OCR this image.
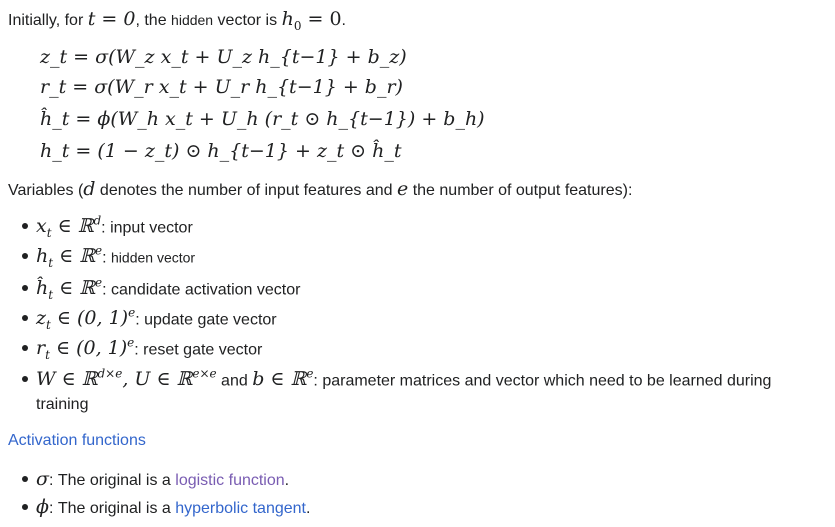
Initially, for t = 0, the hidden vector is $h_0 = 0$.
z_t = σ(W_z x_t + U_z h_{t−1} + b_z)
r_t = σ(W_r x_t + U_r h_{t−1} + b_r)
ĥ_t = ϕ(W_h x_t + U_h (r_t ⊙ h_{t−1}) + b_h)
h_t = (1 − z_t) ⊙ h_{t−1} + z_t ⊙ ĥ_t
Variables (d denotes the number of input features and e the number of output features):
$x_t$ ∈ ℝ$^d$: input vector
$h_t$ ∈ ℝ$^e$: hidden vector
$ĥ_t$ ∈ ℝ$^e$: candidate activation vector
$z_t$ ∈ (0, 1)$^e$: update gate vector
$r_t$ ∈ (0, 1)$^e$: reset gate vector
W ∈ ℝ$^{d\times e}$, U ∈ ℝ$^{e\times e}$ and b ∈ ℝ$^e$: parameter matrices and vector which need to be learned during
training
Activation functions
σ: The original is a logistic function.
ϕ: The original is a hyperbolic tangent.
